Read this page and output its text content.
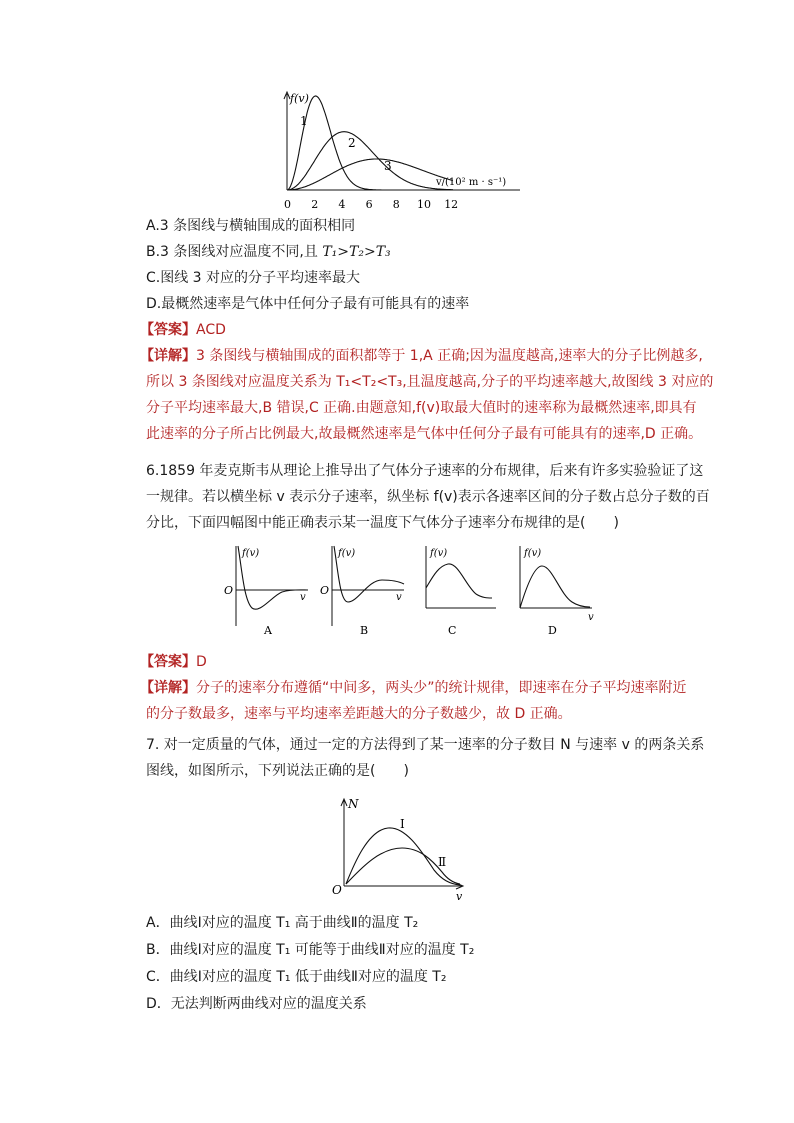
f(v)
v/(10² m · s⁻¹)
0 2 4 6 8 10 12
1
2
3
A.3 条图线与横轴围成的面积相同
B.3 条图线对应温度不同,且 T₁>T₂>T₃
C.图线 3 对应的分子平均速率最大
D.最概然速率是气体中任何分子最有可能具有的速率
【答案】ACD
【详解】3 条图线与横轴围成的面积都等于 1,A 正确;因为温度越高,速率大的分子比例越多,
所以 3 条图线对应温度关系为 T₁<T₂<T₃,且温度越高,分子的平均速率越大,故图线 3 对应的
分子平均速率最大,B 错误,C 正确.由题意知,f(v)取最大值时的速率称为最概然速率,即具有
此速率的分子所占比例最大,故最概然速率是气体中任何分子最有可能具有的速率,D 正确。
6.1859 年麦克斯韦从理论上推导出了气体分子速率的分布规律，后来有许多实验验证了这
一规律。若以横坐标 v 表示分子速率，纵坐标 f(v)表示各速率区间的分子数占总分子数的百
分比，下面四幅图中能正确表示某一温度下气体分子速率分布规律的是(　　)
f(v)
O
v
A
f(v)
O
v
B
f(v)
C
f(v)
v
D
【答案】D
【详解】分子的速率分布遵循“中间多，两头少”的统计规律，即速率在分子平均速率附近
的分子数最多，速率与平均速率差距越大的分子数越少，故 D 正确。
7. 对一定质量的气体，通过一定的方法得到了某一速率的分子数目 N 与速率 v 的两条关系
图线，如图所示，下列说法正确的是(　　)
N
O	v
Ⅰ
Ⅱ
A．曲线Ⅰ对应的温度 T₁ 高于曲线Ⅱ的温度 T₂
B．曲线Ⅰ对应的温度 T₁ 可能等于曲线Ⅱ对应的温度 T₂
C．曲线Ⅰ对应的温度 T₁ 低于曲线Ⅱ对应的温度 T₂
D．无法判断两曲线对应的温度关系
